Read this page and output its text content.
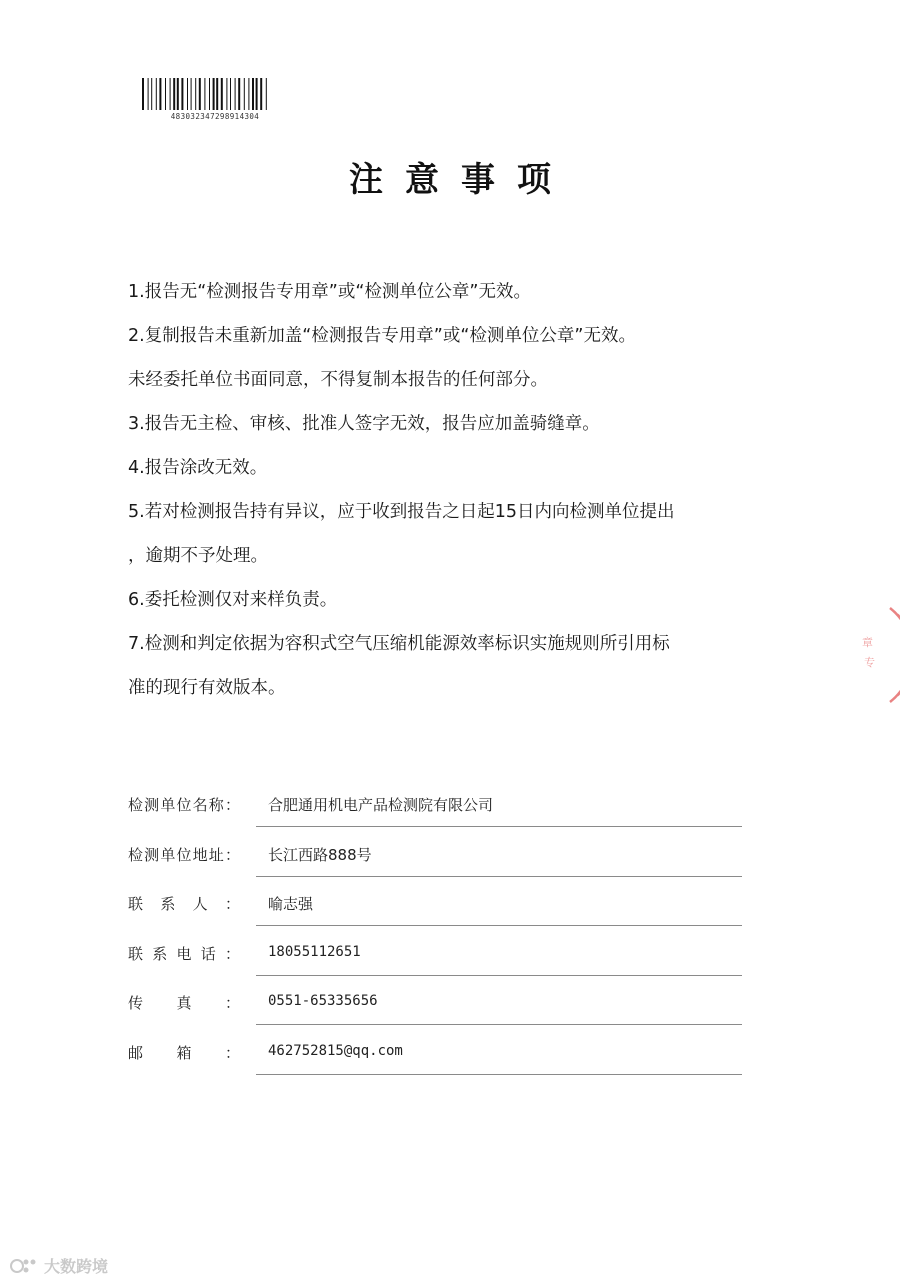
483032347298914304
注意事项

1.报告无“检测报告专用章”或“检测单位公章”无效。

2.复制报告未重新加盖“检测报告专用章”或“检测单位公章”无效。

未经委托单位书面同意，不得复制本报告的任何部分。

3.报告无主检、审核、批准人签字无效，报告应加盖骑缝章。

4.报告涂改无效。

5.若对检测报告持有异议，应于收到报告之日起15日内向检测单位提出

，逾期不予处理。

6.委托检测仅对来样负责。

7.检测和判定依据为容积式空气压缩机能源效率标识实施规则所引用标

准的现行有效版本。

检 测 单 位 名 称 ： 合肥通用机电产品检测院有限公司
检 测 单 位 地 址 ： 长江西路888号
联 系 人 ： 喻志强
联 系 电 话 ： 18055112651
传 真 ： 0551-65335656
邮 箱 ： 462752815@qq.com
章
专
大数跨境
